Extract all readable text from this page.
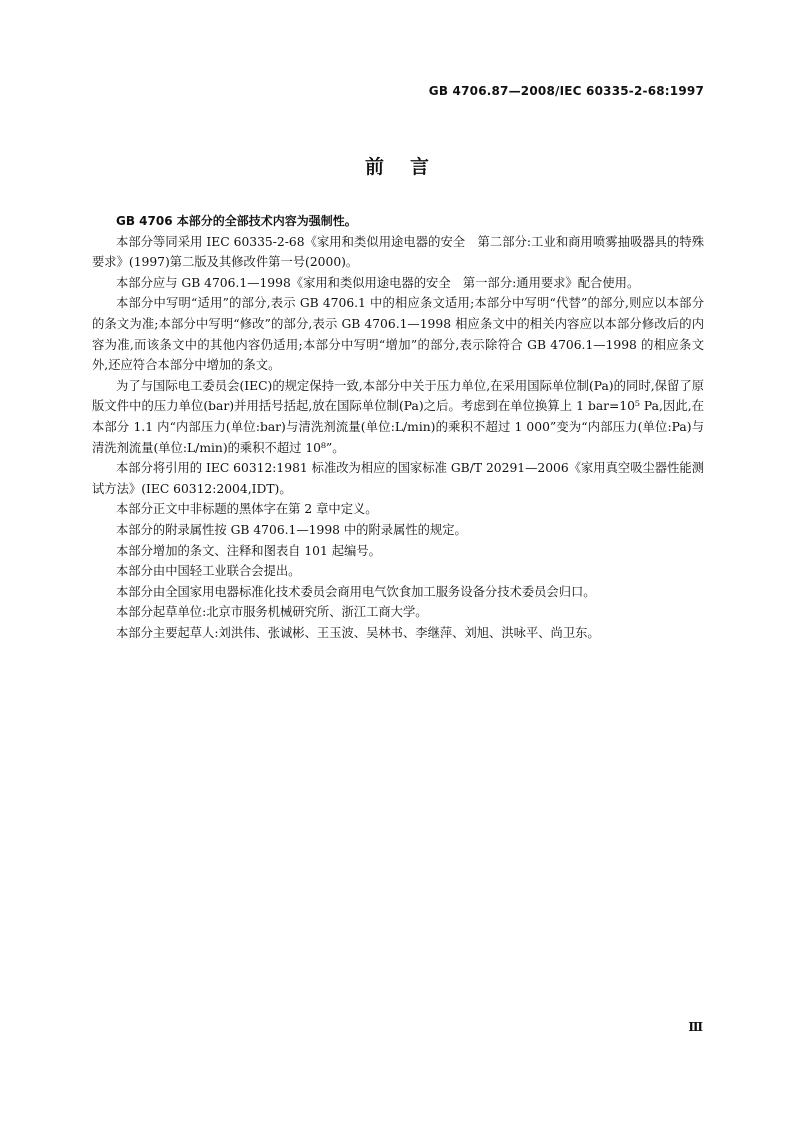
GB 4706.87—2008/IEC 60335-2-68:1997
前言

GB 4706 本部分的全部技术内容为强制性。

本部分等同采用 IEC 60335-2-68《家用和类似用途电器的安全　第二部分:工业和商用喷雾抽吸器具的特殊要求》(1997)第二版及其修改件第一号(2000)。

本部分应与 GB 4706.1—1998《家用和类似用途电器的安全　第一部分:通用要求》配合使用。

本部分中写明“适用”的部分,表示 GB 4706.1 中的相应条文适用;本部分中写明“代替”的部分,则应以本部分的条文为准;本部分中写明“修改”的部分,表示 GB 4706.1—1998 相应条文中的相关内容应以本部分修改后的内容为准,而该条文中的其他内容仍适用;本部分中写明“增加”的部分,表示除符合 GB 4706.1—1998 的相应条文外,还应符合本部分中增加的条文。

为了与国际电工委员会(IEC)的规定保持一致,本部分中关于压力单位,在采用国际单位制(Pa)的同时,保留了原版文件中的压力单位(bar)并用括号括起,放在国际单位制(Pa)之后。考虑到在单位换算上 1 bar=10⁵ Pa,因此,在本部分 1.1 内“内部压力(单位:bar)与清洗剂流量(单位:L/min)的乘积不超过 1 000”变为“内部压力(单位:Pa)与清洗剂流量(单位:L/min)的乘积不超过 10⁸”。

本部分将引用的 IEC 60312:1981 标准改为相应的国家标准 GB/T 20291—2006《家用真空吸尘器性能测试方法》(IEC 60312:2004,IDT)。

本部分正文中非标题的黑体字在第 2 章中定义。

本部分的附录属性按 GB 4706.1—1998 中的附录属性的规定。

本部分增加的条文、注释和图表自 101 起编号。

本部分由中国轻工业联合会提出。

本部分由全国家用电器标准化技术委员会商用电气饮食加工服务设备分技术委员会归口。

本部分起草单位:北京市服务机械研究所、浙江工商大学。

本部分主要起草人:刘洪伟、张诚彬、王玉波、吴林书、李继萍、刘旭、洪咏平、尚卫东。

Ⅲ
